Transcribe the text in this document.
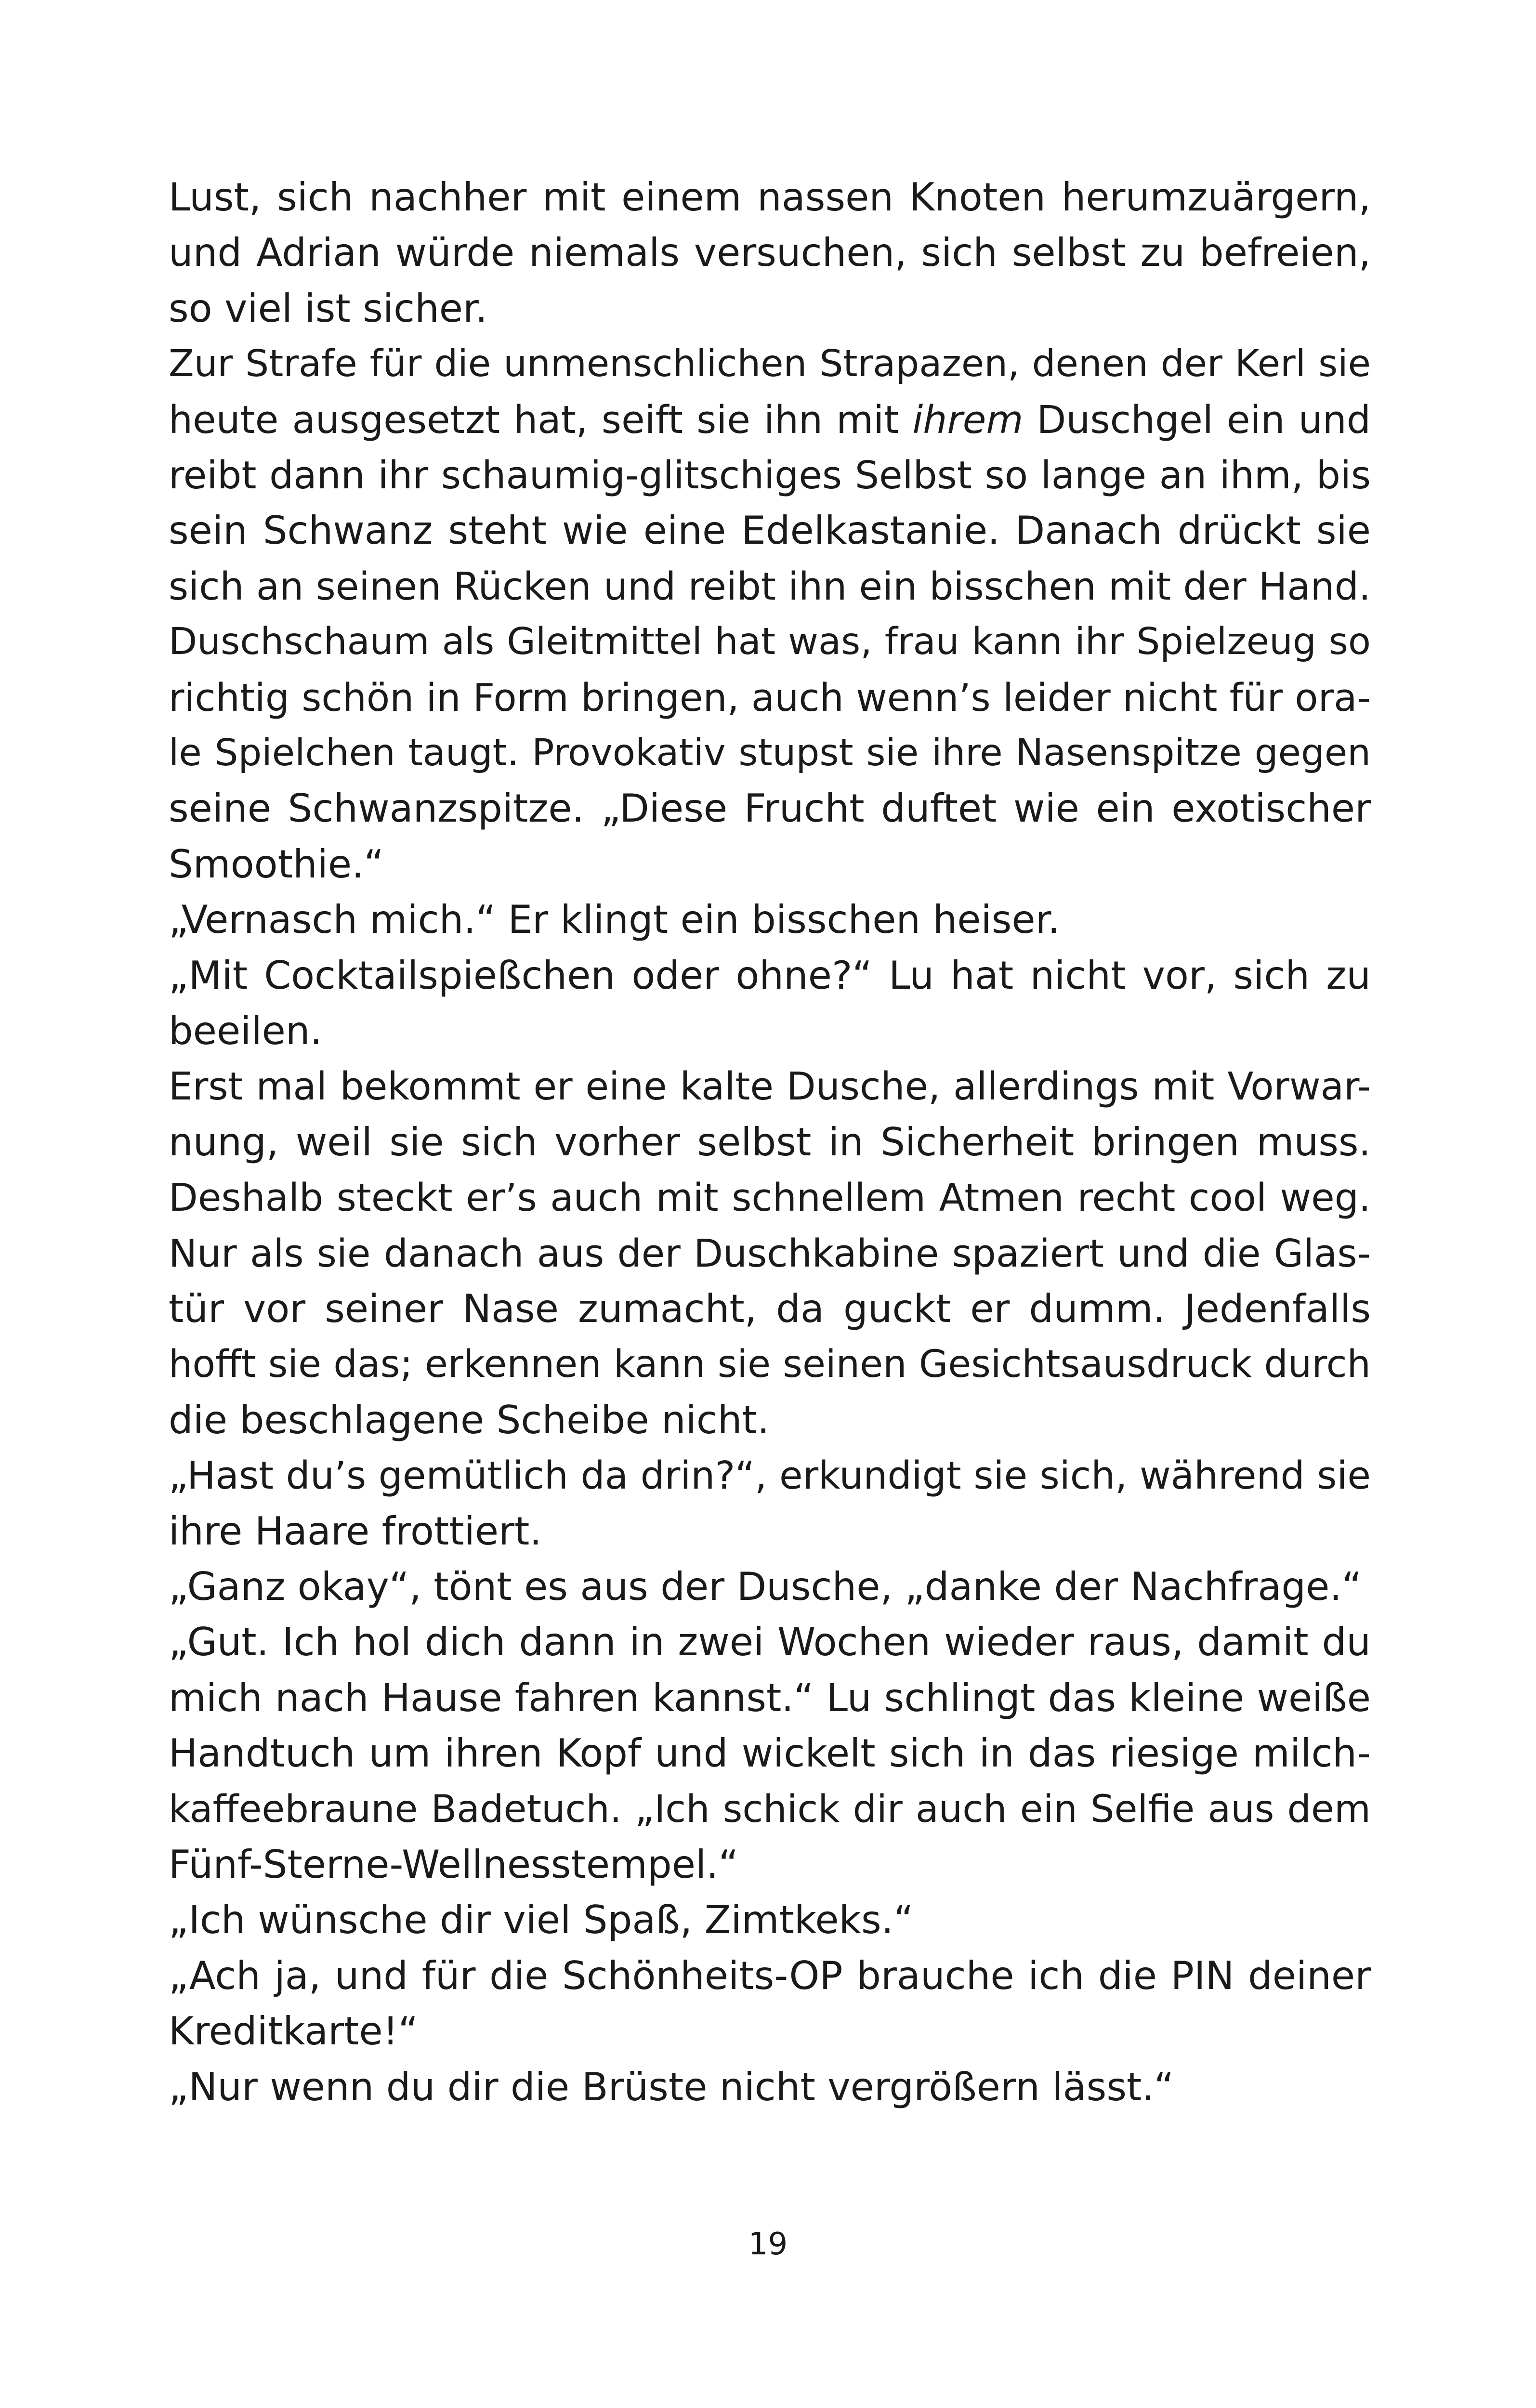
Lust, sich nachher mit einem nassen Knoten herumzuärgern,
und Adrian würde niemals versuchen, sich selbst zu befreien,
so viel ist sicher.
Zur Strafe für die unmenschlichen Strapazen, denen der Kerl sie
heute ausgesetzt hat, seift sie ihn mit ihrem Duschgel ein und
reibt dann ihr schaumig-glitschiges Selbst so lange an ihm, bis
sein Schwanz steht wie eine Edelkastanie. Danach drückt sie
sich an seinen Rücken und reibt ihn ein bisschen mit der Hand.
Duschschaum als Gleitmittel hat was, frau kann ihr Spielzeug so
richtig schön in Form bringen, auch wenn’s leider nicht für ora-
le Spielchen taugt. Provokativ stupst sie ihre Nasenspitze gegen
seine Schwanzspitze. „Diese Frucht duftet wie ein exotischer
Smoothie.“
„Vernasch mich.“ Er klingt ein bisschen heiser.
„Mit Cocktailspießchen oder ohne?“ Lu hat nicht vor, sich zu
beeilen.
Erst mal bekommt er eine kalte Dusche, allerdings mit Vorwar-
nung, weil sie sich vorher selbst in Sicherheit bringen muss.
Deshalb steckt er’s auch mit schnellem Atmen recht cool weg.
Nur als sie danach aus der Duschkabine spaziert und die Glas-
tür vor seiner Nase zumacht, da guckt er dumm. Jedenfalls
hofft sie das; erkennen kann sie seinen Gesichtsausdruck durch
die beschlagene Scheibe nicht.
„Hast du’s gemütlich da drin?“, erkundigt sie sich, während sie
ihre Haare frottiert.
„Ganz okay“, tönt es aus der Dusche, „danke der Nachfrage.“
„Gut. Ich hol dich dann in zwei Wochen wieder raus, damit du
mich nach Hause fahren kannst.“ Lu schlingt das kleine weiße
Handtuch um ihren Kopf und wickelt sich in das riesige milch-
kaffeebraune Badetuch. „Ich schick dir auch ein Selfie aus dem
Fünf-Sterne-Wellnesstempel.“
„Ich wünsche dir viel Spaß, Zimtkeks.“
„Ach ja, und für die Schönheits-OP brauche ich die PIN deiner
Kreditkarte!“
„Nur wenn du dir die Brüste nicht vergrößern lässt.“
19
